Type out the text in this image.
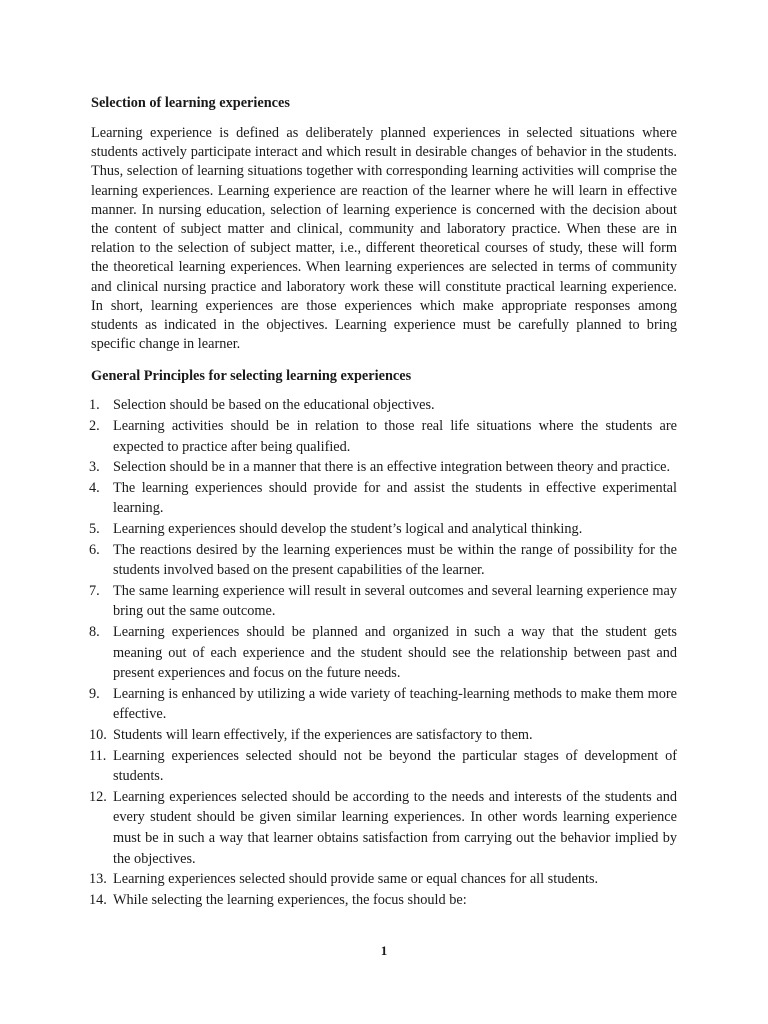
Selection of learning experiences

Learning experience is defined as deliberately planned experiences in selected situations where students actively participate interact and which result in desirable changes of behavior in the students. Thus, selection of learning situations together with corresponding learning activities will comprise the learning experiences. Learning experience are reaction of the learner where he will learn in effective manner. In nursing education, selection of learning experience is concerned with the decision about the content of subject matter and clinical, community and laboratory practice. When these are in relation to the selection of subject matter, i.e., different theoretical courses of study, these will form the theoretical learning experiences. When learning experiences are selected in terms of community and clinical nursing practice and laboratory work these will constitute practical learning experience. In short, learning experiences are those experiences which make appropriate responses among students as indicated in the objectives. Learning experience must be carefully planned to bring specific change in learner.

General Principles for selecting learning experiences
1. Selection should be based on the educational objectives.
2. Learning activities should be in relation to those real life situations where the students are expected to practice after being qualified.
3. Selection should be in a manner that there is an effective integration between theory and practice.
4. The learning experiences should provide for and assist the students in effective experimental learning.
5. Learning experiences should develop the student’s logical and analytical thinking.
6. The reactions desired by the learning experiences must be within the range of possibility for the students involved based on the present capabilities of the learner.
7. The same learning experience will result in several outcomes and several learning experience may bring out the same outcome.
8. Learning experiences should be planned and organized in such a way that the student gets meaning out of each experience and the student should see the relationship between past and present experiences and focus on the future needs.
9. Learning is enhanced by utilizing a wide variety of teaching-learning methods to make them more effective.
10. Students will learn effectively, if the experiences are satisfactory to them.
11. Learning experiences selected should not be beyond the particular stages of development of students.
12. Learning experiences selected should be according to the needs and interests of the students and every student should be given similar learning experiences. In other words learning experience must be in such a way that learner obtains satisfaction from carrying out the behavior implied by the objectives.
13. Learning experiences selected should provide same or equal chances for all students.
14. While selecting the learning experiences, the focus should be:
1
